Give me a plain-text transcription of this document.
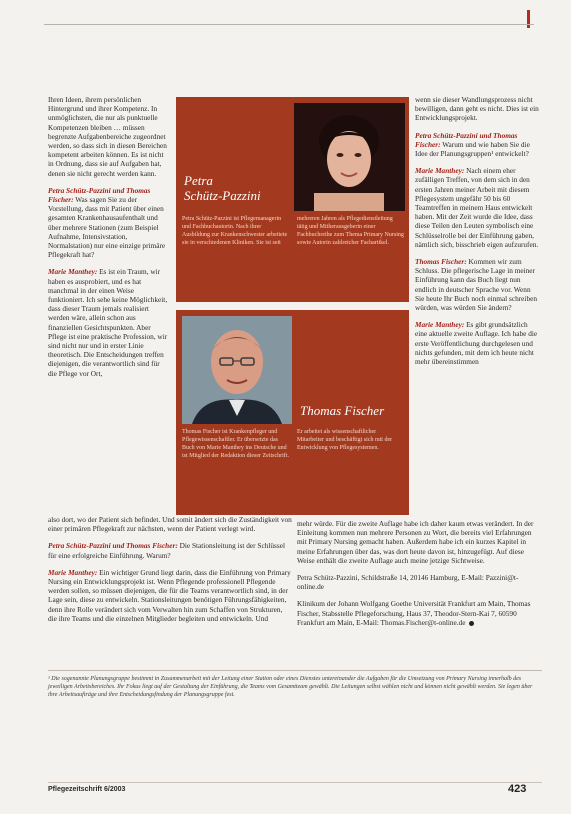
Ihren Ideen, ihrem persönlichen Hintergrund und ihrer Kompetenz. In unmöglichsten, die nur als punktuelle Kompetenzen bleiben … müssen begrenzte Aufgabenbereiche zugeordnet werden, so dass sich in diesen Bereichen kompetent arbeiten können. Es ist nicht in Ordnung, dass sie auf Aufgaben hat, denen sie nicht gerecht werden kann.

Petra Schütz-Pazzini und Thomas Fischer: Was sagen Sie zu der Vorstellung, dass mit Patient über einen gesamten Krankenhausaufenthalt und über mehrere Stationen (zum Beispiel Aufnahme, Intensivstation, Normalstation) nur eine einzige primäre Pflegekraft hat?

Marie Manthey: Es ist ein Traum, wir haben es ausprobiert, und es hat manchmal in der einen Weise funktioniert. Ich sehe keine Möglichkeit, dass dieser Traum jemals realisiert werden wäre, allein schon aus finanziellen Gesichtspunkten. Aber Pflege ist eine praktische Profession, wir sind nicht nur und in erster Linie theoretisch. Die Entscheidungen treffen diejenigen, die verantwortlich sind für die Pflege vor Ort,

Petra
Schütz-Pazzini
Petra Schütz-Pazzini ist Pflegemanagerin und Fachbuchautorin. Nach ihrer Ausbildung zur Krankenschwester arbeitete sie in verschiedenen Kliniken. Sie ist seit mehreren Jahren als Pflegedienstleitung tätig und Mitherausgeberin einer Fachbuchreihe zum Thema Primary Nursing sowie Autorin zahlreicher Fachartikel.
Thomas Fischer
Thomas Fischer ist Krankenpfleger und Pflegewissenschaftler. Er übersetzte das Buch von Marie Manthey ins Deutsche und ist Mitglied der Redaktion dieser Zeitschrift. Er arbeitet als wissenschaftlicher Mitarbeiter und beschäftigt sich mit der Entwicklung von Pflegesystemen.

wenn sie dieser Wandlungsprozess nicht bewilligen, dann geht es nicht. Dies ist ein Entwicklungsprojekt.

Petra Schütz-Pazzini und Thomas Fischer: Warum und wie haben Sie die Idee der Planungsgruppen¹ entwickelt?

Marie Manthey: Nach einem eher zufälligen Treffen, von dem sich in den ersten Jahren meiner Arbeit mit diesem Pflegesystem ungefähr 50 bis 60 Teamtreffen in meinem Haus entwickelt haben. Mit der Zeit wurde die Idee, dass diese Teilen den Leuten symbolisch eine Schlüsselrolle bei der Einführung gaben, nämlich sich, bisschrieb eigen aufzurufen.

Thomas Fischer: Kommen wir zum Schluss. Die pflegerische Lage in meiner Einführung kann das Buch liegt nun endlich in deutscher Sprache vor. Wenn Sie heute Ihr Buch noch einmal schreiben würden, was würden Sie ändern?

Marie Manthey: Es gibt grundsätzlich eine aktuelle zweite Auflage. Ich habe die erste Veröffentlichung durchgelesen und nichts gefunden, mit dem ich heute nicht mehr übereinstimmen

also dort, wo der Patient sich befindet. Und somit ändert sich die Zuständigkeit von einer primären Pflegekraft zur nächsten, wenn der Patient verlegt wird.

Petra Schütz-Pazzini und Thomas Fischer: Die Stationsleitung ist der Schlüssel für eine erfolgreiche Einführung. Warum?

Marie Manthey: Ein wichtiger Grund liegt darin, dass die Einführung von Primary Nursing ein Entwicklungsprojekt ist. Wenn Pflegende professionell Pflegende werden sollen, so müssen diejenigen, die für die Teams verantwortlich sind, in der Lage sein, diese zu entwickeln. Stationsleitungen benötigen Führungsfähigkeiten, denn ihre Rolle verändert sich vom Verwalten hin zum Schaffen von Strukturen, die ihre Teams und die einzelnen Mitglieder begleiten und entwickeln. Und

mehr würde. Für die zweite Auflage habe ich daher kaum etwas verändert. In der Einleitung kommen nun mehrere Personen zu Wort, die bereits viel Erfahrungen mit Primary Nursing gemacht haben. Außerdem habe ich ein kurzes Kapitel in meine Erfahrungen über das, was dort heute davon ist, hinzugefügt. Auf diese Weise enthält die zweite Auflage auch meine jetzige Sichtweise.

Petra Schütz-Pazzini, Schildstraße 14, 20146 Hamburg, E-Mail: Pazzini@t-online.de

Klinikum der Johann Wolfgang Goethe Universität Frankfurt am Main, Thomas Fischer, Stabsstelle Pflegeforschung, Haus 37, Theodor-Stern-Kai 7, 60590 Frankfurt am Main, E-Mail: Thomas.Fischer@t-online.de

¹ Die sogenannte Planungsgruppe bestimmt in Zusammenarbeit mit der Leitung einer Station oder eines Dienstes untereinander die Aufgaben für die Umsetzung von Primary Nursing innerhalb des jeweiligen Arbeitsbereiches. Ihr Fokus liegt auf der Gestaltung der Einführung, die Teams vom Gesamtteam gewählt. Die Leitungen selbst wählen nicht und können nicht gewählt werden. Sie legen über ihre Arbeitsaufträge und ihre Entscheidungsfindung der Planungsgruppe fest.
Pflegezeitschrift 6/2003	423
